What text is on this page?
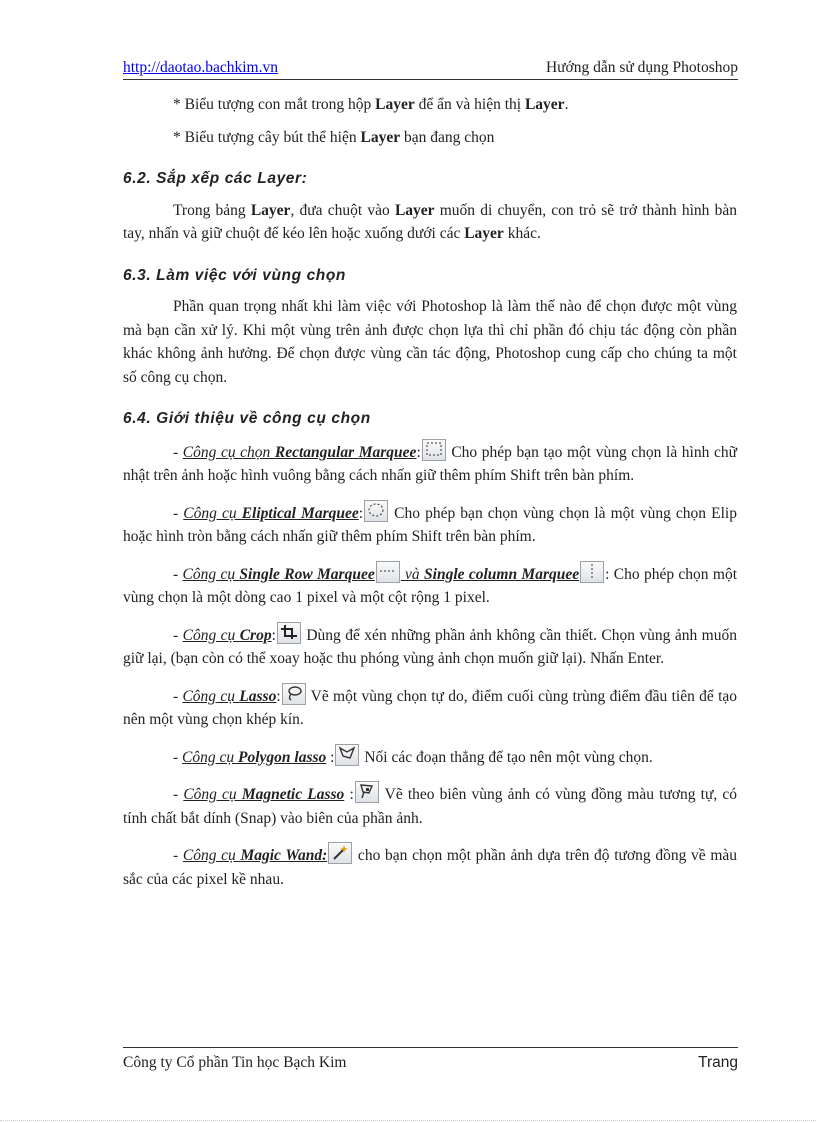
http://daotao.bachkim.vn	Hướng dẫn sử dụng Photoshop

* Biểu tượng con mắt trong hộp Layer để ẩn và hiện thị Layer.

* Biểu tượng cây bút thể hiện Layer bạn đang chọn

6.2. Sắp xếp các Layer:

Trong bảng Layer, đưa chuột vào Layer muốn di chuyển, con trỏ sẽ trở thành hình bàn tay, nhấn và giữ chuột để kéo lên hoặc xuống dưới các Layer khác.

6.3. Làm việc với vùng chọn

Phần quan trọng nhất khi làm việc với Photoshop là làm thế nào để chọn được một vùng mà bạn cần xử lý. Khi một vùng trên ảnh được chọn lựa thì chỉ phần đó chịu tác động còn phần khác không ảnh hưởng. Để chọn được vùng cần tác động, Photoshop cung cấp cho chúng ta một số công cụ chọn.

6.4. Giới thiệu về công cụ chọn

- Công cụ chọn Rectangular Marquee:
Cho phép bạn tạo một vùng chọn là hình chữ nhật trên ảnh hoặc hình vuông bằng cách nhấn giữ thêm phím Shift trên bàn phím.

- Công cụ Eliptical Marquee:
Cho phép bạn chọn vùng chọn là một vùng chọn Elip hoặc hình tròn bằng cách nhấn giữ thêm phím Shift trên bàn phím.

- Công cụ Single Row Marquee
và Single column Marquee : Cho phép chọn một vùng chọn là một dòng cao 1 pixel và một cột rộng 1 pixel.

- Công cụ Crop:
Dùng để xén những phần ảnh không cần thiết. Chọn vùng ảnh muốn giữ lại, (bạn còn có thể xoay hoặc thu phóng vùng ảnh chọn muốn giữ lại). Nhấn Enter.

- Công cụ Lasso:
Vẽ một vùng chọn tự do, điểm cuối cùng trùng điểm đầu tiên để tạo nên một vùng chọn khép kín.

- Công cụ Polygon lasso :
Nối các đoạn thẳng để tạo nên một vùng chọn.

- Công cụ Magnetic Lasso :
Vẽ theo biên vùng ảnh có vùng đồng màu tương tự, có tính chất bắt dính (Snap) vào biên của phần ảnh.

- Công cụ Magic Wand:
cho bạn chọn một phần ảnh dựa trên độ tương đồng về màu sắc của các pixel kề nhau.

Công ty Cổ phần Tin học Bạch Kim	Trang
